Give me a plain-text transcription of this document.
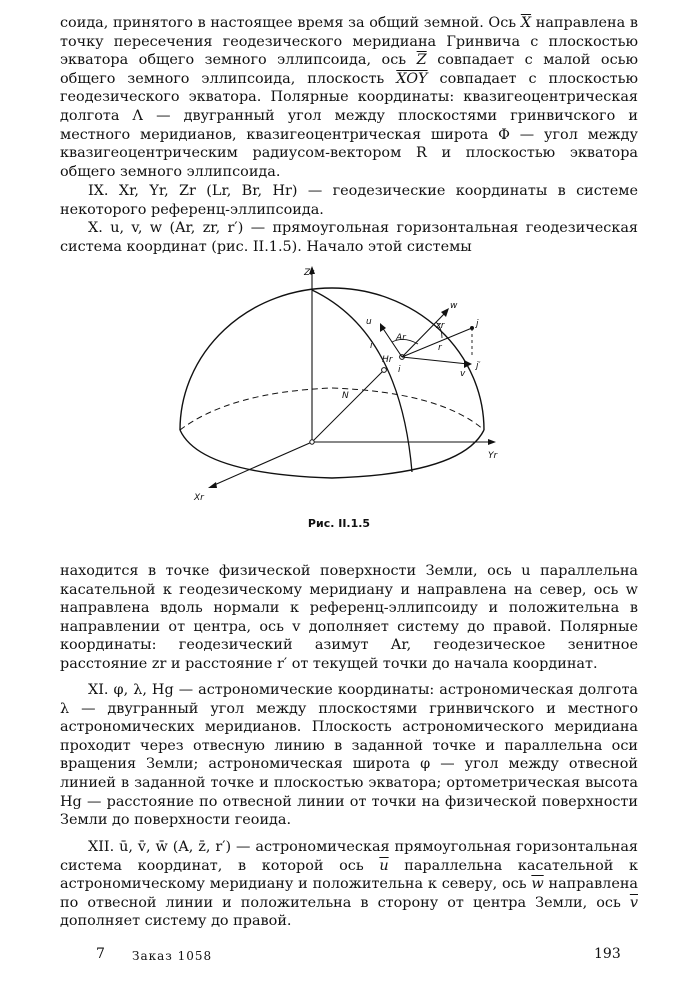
соида, принятого в настоящее время за общий земной. Ось $\overline{X}$ направлена в точку пересечения геодезического меридиана Гринвича с плоскостью экватора общего земного эллипсоида, ось $\overline{Z}$ совпадает с малой осью общего земного эллипсоида, плоскость $\overline{XOY}$ совпадает с плоскостью геодезического экватора. Полярные координаты: квазигеоцентрическая долгота Λ — двугранный угол между плоскостями гринвичского и местного меридианов, квазигеоцентрическая широта Φ — угол между квазигеоцентрическим радиусом-вектором R и плоскостью экватора общего земного эллипсоида.

IX. Xr, Yr, Zr (Lr, Br, Hr) — геодезические координаты в системе некоторого референц-эллипсоида.

X. u, v, w (Ar, zr, r′) — прямоугольная горизонтальная геодезическая система координат (рис. II.1.5). Начало этой системы

Zr
Yr
Xr
N
u
w
Ar
zr
r
Hr
v
i
i
j
j′

Рис. II.1.5

находится в точке физической поверхности Земли, ось u параллельна касательной к геодезическому меридиану и направлена на север, ось w направлена вдоль нормали к референц-эллипсоиду и положительна в направлении от центра, ось v дополняет систему до правой. Полярные координаты: геодезический азимут Ar, геодезическое зенитное расстояние zr и расстояние r′ от текущей точки до начала координат.

XI. φ, λ, Hg — астрономические координаты: астрономическая долгота λ — двугранный угол между плоскостями гринвичского и местного астрономических меридианов. Плоскость астрономического меридиана проходит через отвесную линию в заданной точке и параллельна оси вращения Земли; астрономическая широта φ — угол между отвесной линией в заданной точке и плоскостью экватора; ортометрическая высота Hg — расстояние по отвесной линии от точки на физической поверхности Земли до поверхности геоида.

XII. ū, v̄, w̄ (A, z̄, r′) — астрономическая прямоугольная горизонтальная система координат, в которой ось $\overline{u}$ параллельна касательной к астрономическому меридиану и положительна к северу, ось $\overline{w}$ направлена по отвесной линии и положительна в сторону от центра Земли, ось $\overline{v}$ дополняет систему до правой.

7 Заказ 1058	193
